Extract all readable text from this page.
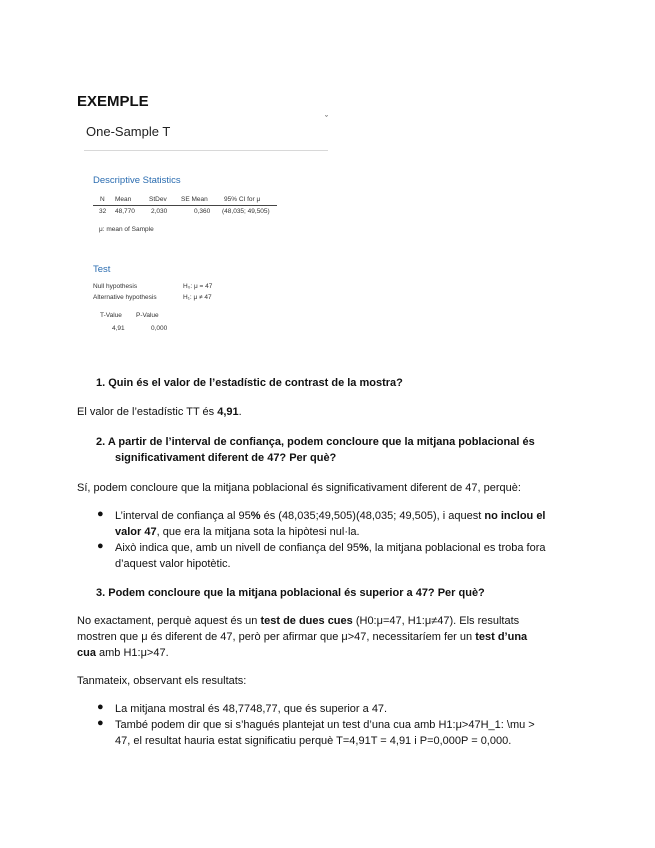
EXEMPLE
One-Sample T
ˇ
Descriptive Statistics
N Mean	StDev SE Mean	95% CI for μ
32 48,770 2,030	0,360 (48,035; 49,505)
μ: mean of Sample
Test
Null hypothesis	H₀: μ = 47
Alternative hypothesis	H₁: μ ≠ 47
T-Value P-Value
4,91	0,000
1. Quin és el valor de l’estadístic de contrast de la mostra?
El valor de l’estadístic TT és 4,91.
2. A partir de l’interval de confiança, podem concloure que la mitjana poblacional és
significativament diferent de 47? Per què?
Sí, podem concloure que la mitjana poblacional és significativament diferent de 47, perquè:
● L’interval de confiança al 95% és (48,035;49,505)(48,035; 49,505), i aquest no inclou el
valor 47, que era la mitjana sota la hipòtesi nul·la.
● Això indica que, amb un nivell de confiança del 95%, la mitjana poblacional es troba fora
d’aquest valor hipotètic.
3. Podem concloure que la mitjana poblacional és superior a 47? Per què?
No exactament, perquè aquest és un test de dues cues (H0:μ=47, H1:μ≠47). Els resultats
mostren que μ és diferent de 47, però per afirmar que μ>47, necessitaríem fer un test d’una
cua amb H1:μ>47.
Tanmateix, observant els resultats:
● La mitjana mostral és 48,7748,77, que és superior a 47.
● També podem dir que si s’hagués plantejat un test d’una cua amb H1:μ>47H_1: \mu >
47, el resultat hauria estat significatiu perquè T=4,91T = 4,91 i P=0,000P = 0,000.
